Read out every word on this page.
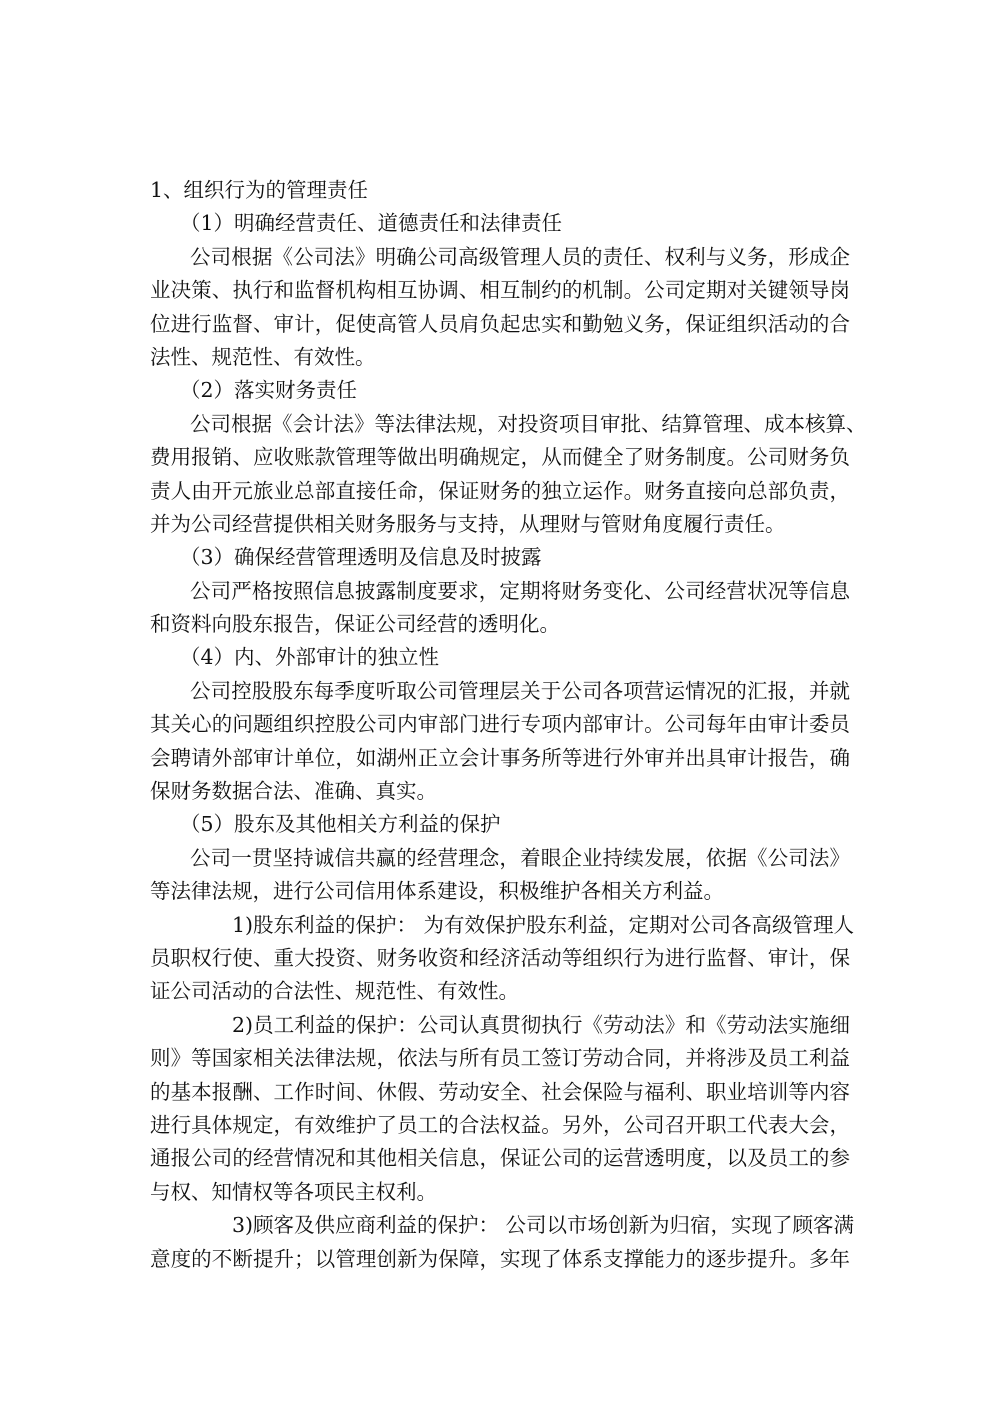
1、组织行为的管理责任
（1）明确经营责任、道德责任和法律责任
公司根据《公司法》明确公司高级管理人员的责任、权利与义务，形成企
业决策、执行和监督机构相互协调、相互制约的机制。公司定期对关键领导岗
位进行监督、审计，促使高管人员肩负起忠实和勤勉义务，保证组织活动的合
法性、规范性、有效性。
（2）落实财务责任
公司根据《会计法》等法律法规，对投资项目审批、结算管理、成本核算、
费用报销、应收账款管理等做出明确规定，从而健全了财务制度。公司财务负
责人由开元旅业总部直接任命，保证财务的独立运作。财务直接向总部负责，
并为公司经营提供相关财务服务与支持，从理财与管财角度履行责任。
（3）确保经营管理透明及信息及时披露
公司严格按照信息披露制度要求，定期将财务变化、公司经营状况等信息
和资料向股东报告，保证公司经营的透明化。
（4）内、外部审计的独立性
公司控股股东每季度听取公司管理层关于公司各项营运情况的汇报，并就
其关心的问题组织控股公司内审部门进行专项内部审计。公司每年由审计委员
会聘请外部审计单位，如湖州正立会计事务所等进行外审并出具审计报告，确
保财务数据合法、准确、真实。
（5）股东及其他相关方利益的保护
公司一贯坚持诚信共赢的经营理念，着眼企业持续发展，依据《公司法》
等法律法规，进行公司信用体系建设，积极维护各相关方利益。
1)股东利益的保护： 为有效保护股东利益，定期对公司各高级管理人
员职权行使、重大投资、财务收资和经济活动等组织行为进行监督、审计，保
证公司活动的合法性、规范性、有效性。
2)员工利益的保护：公司认真贯彻执行《劳动法》和《劳动法实施细
则》等国家相关法律法规，依法与所有员工签订劳动合同，并将涉及员工利益
的基本报酬、工作时间、休假、劳动安全、社会保险与福利、职业培训等内容
进行具体规定，有效维护了员工的合法权益。另外，公司召开职工代表大会，
通报公司的经营情况和其他相关信息，保证公司的运营透明度，以及员工的参
与权、知情权等各项民主权利。
3)顾客及供应商利益的保护： 公司以市场创新为归宿，实现了顾客满
意度的不断提升；以管理创新为保障，实现了体系支撑能力的逐步提升。多年
